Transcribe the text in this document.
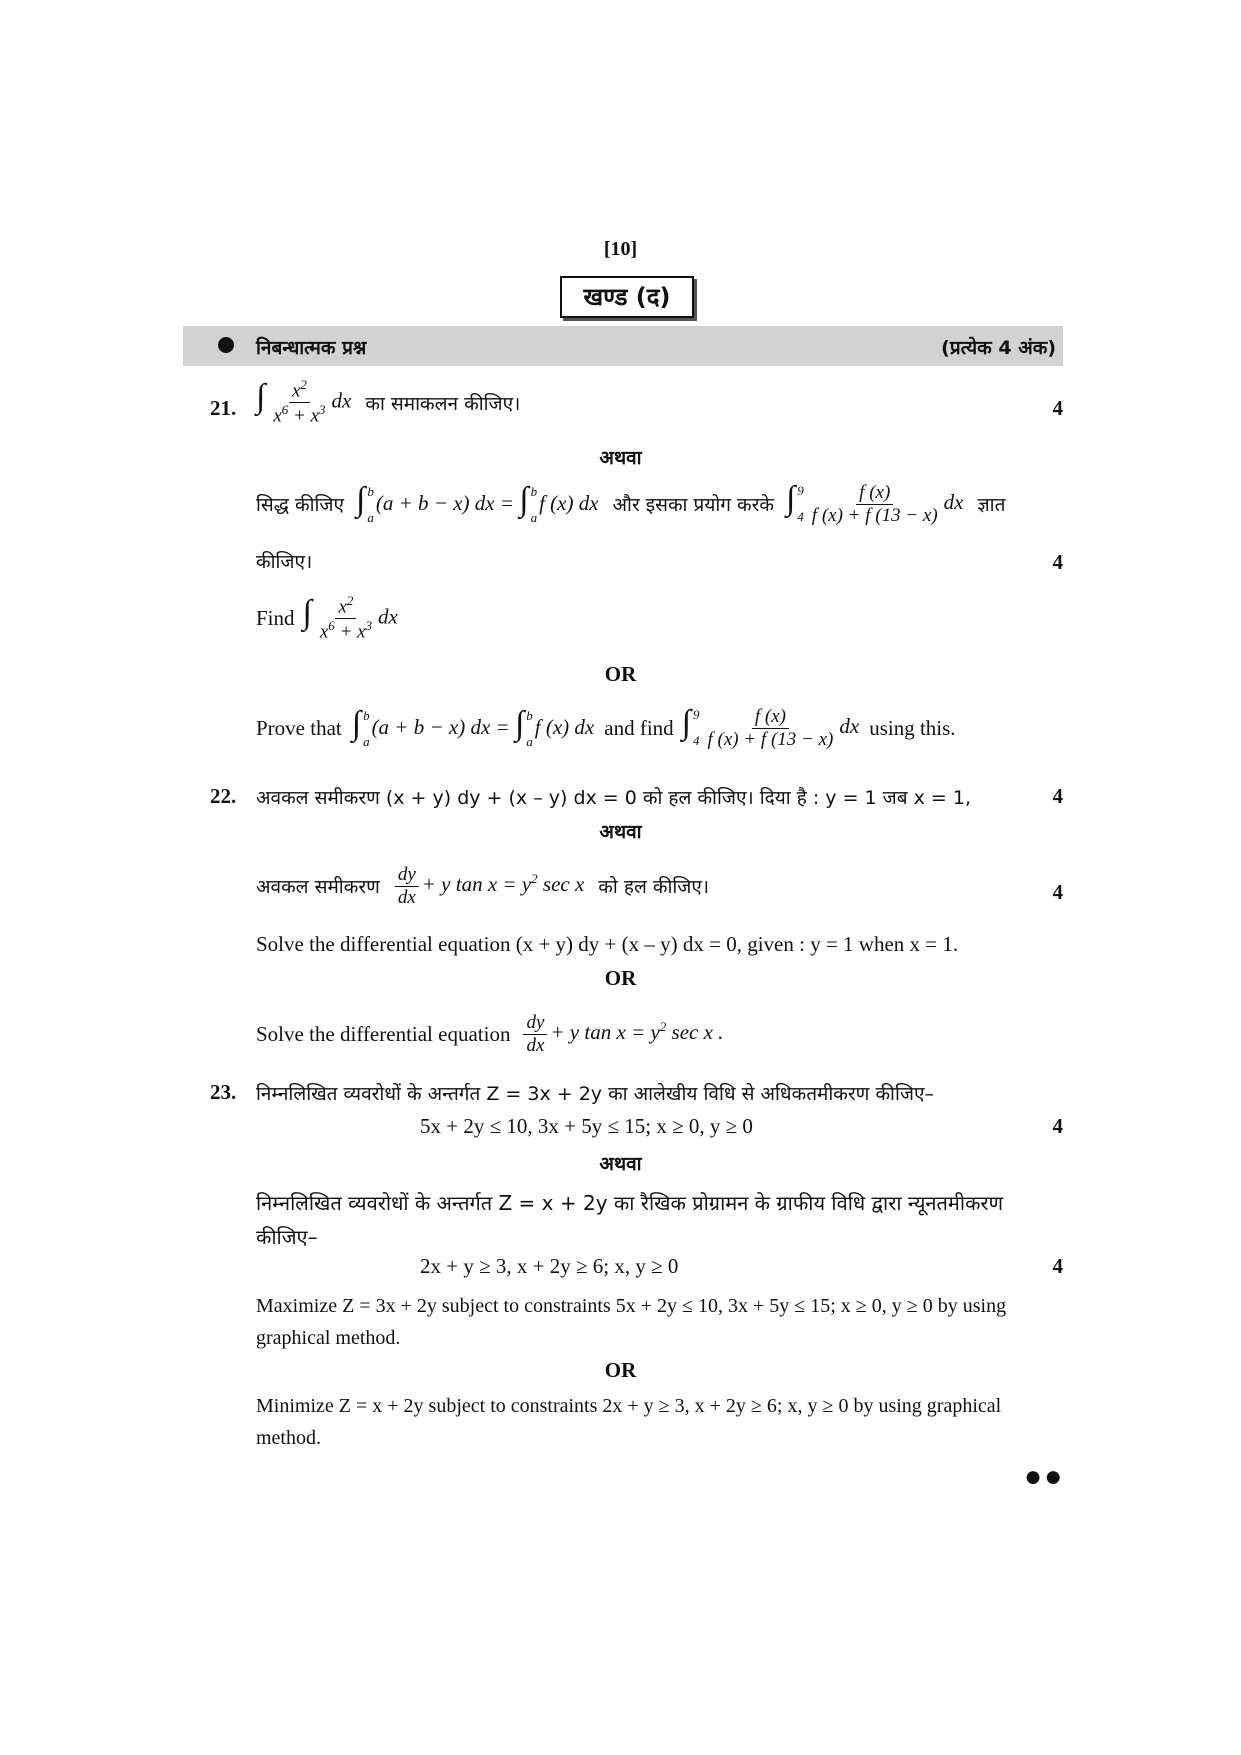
[10]
खण्ड (द)
निबन्धात्मक प्रश्न	(प्रत्येक 4 अंक)
21. ∫ $\frac{x^2}{x^6 + x^3}$ dx का समाकलन कीजिए।	4
अथवा
सिद्ध कीजिए ∫ b
a
(a + b − x) dx = ∫ b
a
f (x) dx और इसका प्रयोग करके ∫ 9
$4 \frac{f (x)}{f (x) + f (13 - x)}$ dx ज्ञात
कीजिए।	4
Find ∫ $\frac{x^2}{x^6 + x^3}$ dx
OR
Prove that ∫ b
a
(a + b − x) dx = ∫ b
a
f (x) dx and find ∫ 9
$4 \frac{f (x)}{f (x) + f (13 - x)}$ dx using this.
22. अवकल समीकरण (x + y) dy + (x – y) dx = 0 को हल कीजिए। दिया है : y = 1 जब x = 1,	4
अथवा
अवकल समीकरण $\frac{dy}{dx} + y$ $\tan x = y^2$ sec x को हल कीजिए।	4
Solve the differential equation (x + y) dy + (x – y) dx = 0, given : y = 1 when x = 1.
OR
Solve the differential equation $\frac{dy}{dx} + y$ $\tan x = y^2$ sec x .
23. निम्नलिखित व्यवरोधों के अन्तर्गत Z = 3x + 2y का आलेखीय विधि से अधिकतमीकरण कीजिए–
5x + 2y ≤ 10, 3x + 5y ≤ 15; x ≥ 0, y ≥ 0	4
अथवा
निम्नलिखित व्यवरोधों के अन्तर्गत Z = x + 2y का रैखिक प्रोग्रामन के ग्राफीय विधि द्वारा न्यूनतमीकरण कीजिए–
2x + y ≥ 3, x + 2y ≥ 6; x, y ≥ 0	4
Maximize Z = 3x + 2y subject to constraints 5x + 2y ≤ 10, 3x + 5y ≤ 15; x ≥ 0, y ≥ 0 by using graphical method.
OR
Minimize Z = x + 2y subject to constraints 2x + y ≥ 3, x + 2y ≥ 6; x, y ≥ 0 by using graphical method.
●●
